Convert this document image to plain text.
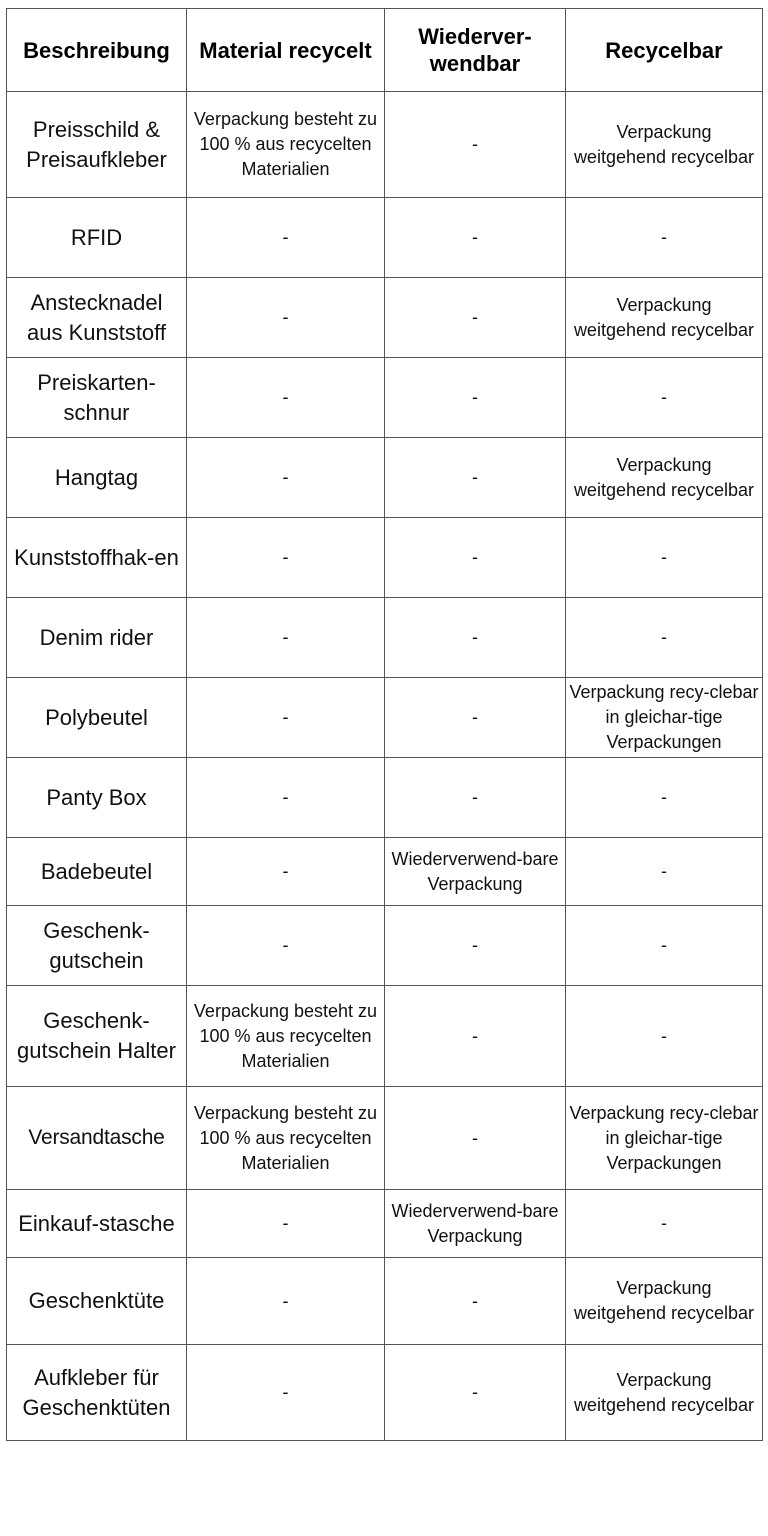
Beschreibung	Material recycelt	Wiederver-wendbar	Recycelbar
Preisschild & Preisaufkleber	Verpackung besteht zu 100 % aus recycelten Materialien	-	Verpackung weitgehend recycelbar
RFID	-	-	-
Anstecknadel aus Kunststoff	-	-	Verpackung weitgehend recycelbar
Preiskarten-schnur	-	-	-
Hangtag	-	-	Verpackung weitgehend recycelbar
Kunststoffhak-en	-	-	-
Denim rider	-	-	-
Polybeutel	-	-	Verpackung recy-clebar in gleichar-tige Verpackungen
Panty Box	-	-	-
Badebeutel	-	Wiederverwend-bare Verpackung	-
Geschenk-gutschein	-	-	-
Geschenk-gutschein Halter	Verpackung besteht zu 100 % aus recycelten Materialien	-	-
Versandtasche	Verpackung besteht zu 100 % aus recycelten Materialien	-	Verpackung recy-clebar in gleichar-tige Verpackungen
Einkauf-stasche	-	Wiederverwend-bare Verpackung	-
Geschenktüte	-	-	Verpackung weitgehend recycelbar
Aufkleber für Geschenktüten	-	-	Verpackung weitgehend recycelbar
